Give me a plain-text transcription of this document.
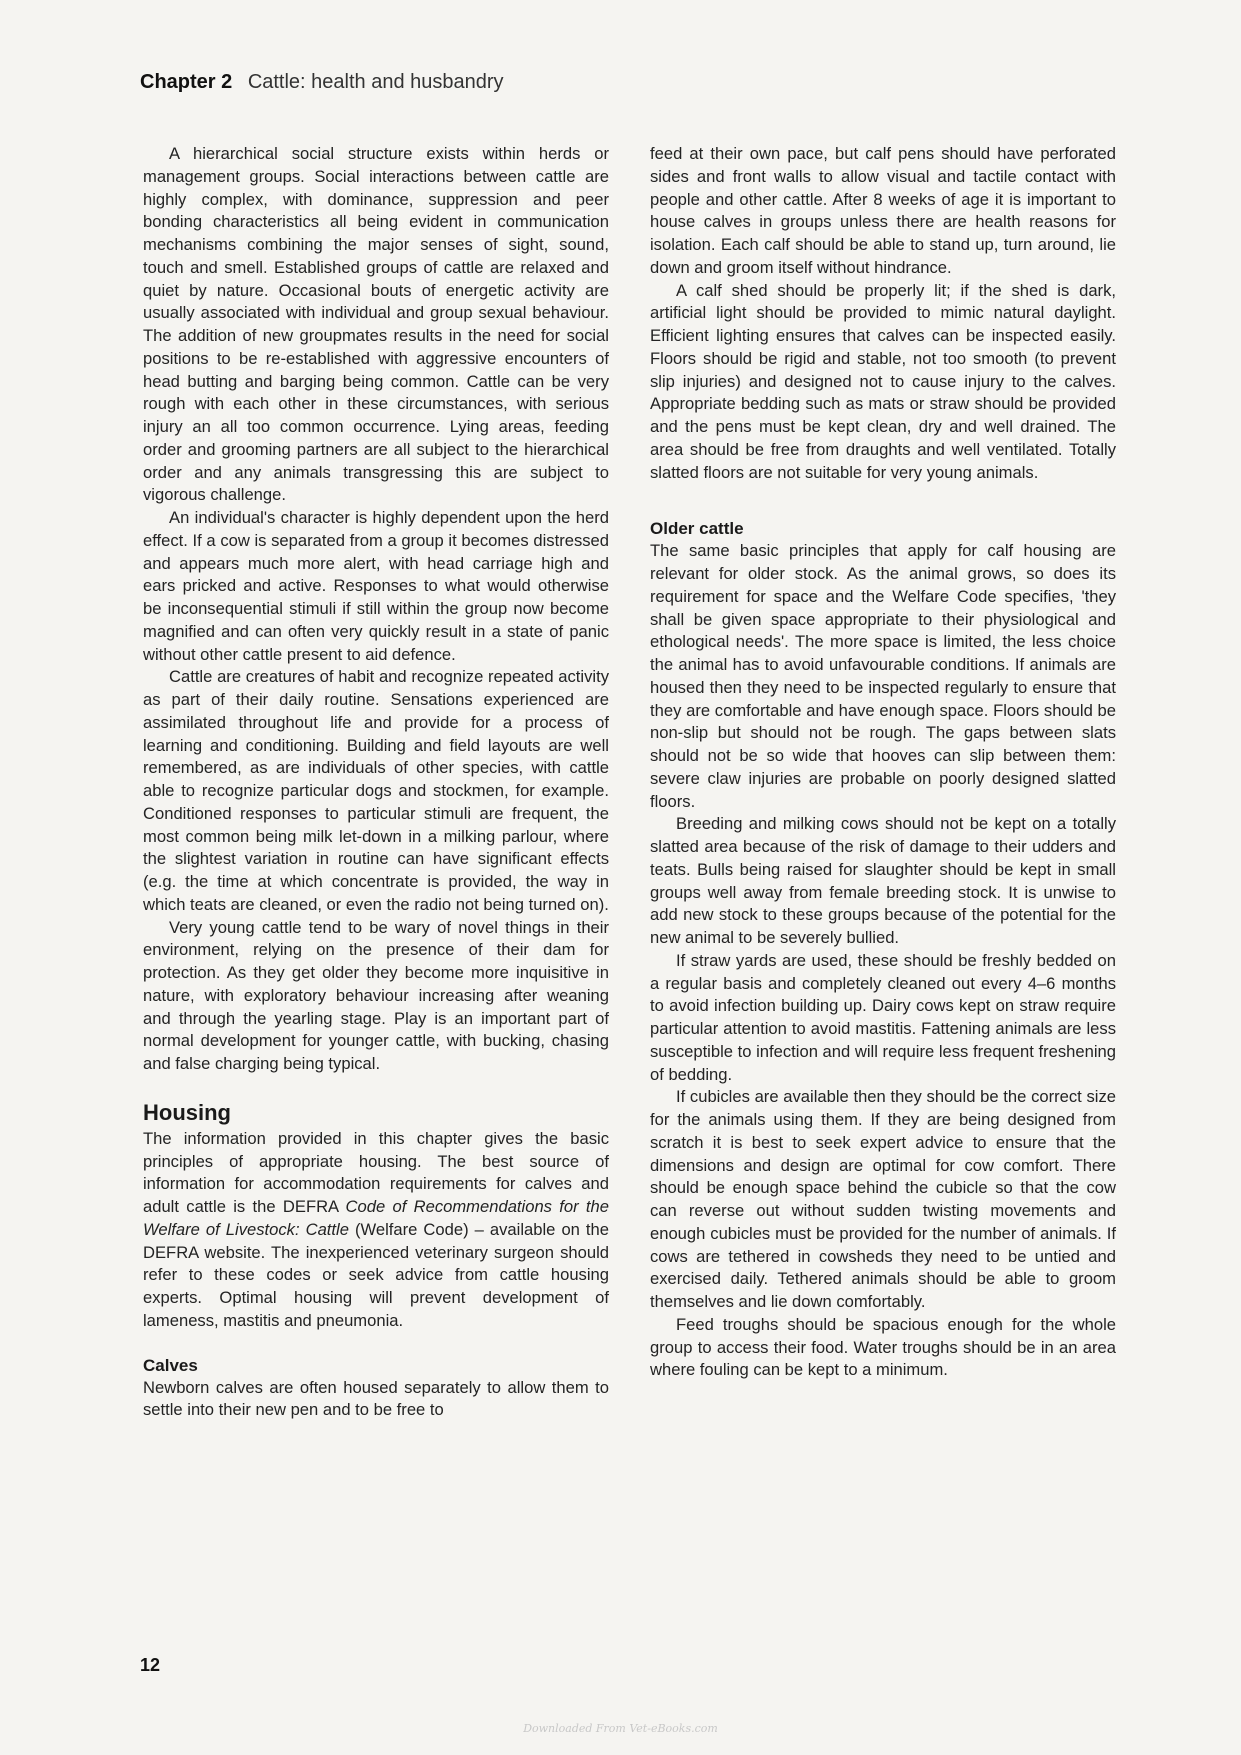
Chapter 2 Cattle: health and husbandry

A hierarchical social structure exists within herds or management groups. Social interactions between cattle are highly complex, with dominance, suppression and peer bonding characteristics all being evident in communication mechanisms combining the major senses of sight, sound, touch and smell. Established groups of cattle are relaxed and quiet by nature. Occasional bouts of energetic activity are usually associated with individual and group sexual behaviour. The addition of new groupmates results in the need for social positions to be re-established with aggressive encounters of head butting and barging being common. Cattle can be very rough with each other in these circumstances, with serious injury an all too common occurrence. Lying areas, feeding order and grooming partners are all subject to the hierarchical order and any animals transgressing this are subject to vigorous challenge.

An individual's character is highly dependent upon the herd effect. If a cow is separated from a group it becomes distressed and appears much more alert, with head carriage high and ears pricked and active. Responses to what would otherwise be inconsequential stimuli if still within the group now become magnified and can often very quickly result in a state of panic without other cattle present to aid defence.

Cattle are creatures of habit and recognize repeated activity as part of their daily routine. Sensations experienced are assimilated throughout life and provide for a process of learning and conditioning. Building and field layouts are well remembered, as are individuals of other species, with cattle able to recognize particular dogs and stockmen, for example. Conditioned responses to particular stimuli are frequent, the most common being milk let-down in a milking parlour, where the slightest variation in routine can have significant effects (e.g. the time at which concentrate is provided, the way in which teats are cleaned, or even the radio not being turned on).

Very young cattle tend to be wary of novel things in their environment, relying on the presence of their dam for protection. As they get older they become more inquisitive in nature, with exploratory behaviour increasing after weaning and through the yearling stage. Play is an important part of normal development for younger cattle, with bucking, chasing and false charging being typical.

Housing

The information provided in this chapter gives the basic principles of appropriate housing. The best source of information for accommodation requirements for calves and adult cattle is the DEFRA Code of Recommendations for the Welfare of Livestock: Cattle (Welfare Code) – available on the DEFRA website. The inexperienced veterinary surgeon should refer to these codes or seek advice from cattle housing experts. Optimal housing will prevent development of lameness, mastitis and pneumonia.

Calves

Newborn calves are often housed separately to allow them to settle into their new pen and to be free to

feed at their own pace, but calf pens should have perforated sides and front walls to allow visual and tactile contact with people and other cattle. After 8 weeks of age it is important to house calves in groups unless there are health reasons for isolation. Each calf should be able to stand up, turn around, lie down and groom itself without hindrance.

A calf shed should be properly lit; if the shed is dark, artificial light should be provided to mimic natural daylight. Efficient lighting ensures that calves can be inspected easily. Floors should be rigid and stable, not too smooth (to prevent slip injuries) and designed not to cause injury to the calves. Appropriate bedding such as mats or straw should be provided and the pens must be kept clean, dry and well drained. The area should be free from draughts and well ventilated. Totally slatted floors are not suitable for very young animals.

Older cattle

The same basic principles that apply for calf housing are relevant for older stock. As the animal grows, so does its requirement for space and the Welfare Code specifies, 'they shall be given space appropriate to their physiological and ethological needs'. The more space is limited, the less choice the animal has to avoid unfavourable conditions. If animals are housed then they need to be inspected regularly to ensure that they are comfortable and have enough space. Floors should be non-slip but should not be rough. The gaps between slats should not be so wide that hooves can slip between them: severe claw injuries are probable on poorly designed slatted floors.

Breeding and milking cows should not be kept on a totally slatted area because of the risk of damage to their udders and teats. Bulls being raised for slaughter should be kept in small groups well away from female breeding stock. It is unwise to add new stock to these groups because of the potential for the new animal to be severely bullied.

If straw yards are used, these should be freshly bedded on a regular basis and completely cleaned out every 4–6 months to avoid infection building up. Dairy cows kept on straw require particular attention to avoid mastitis. Fattening animals are less susceptible to infection and will require less frequent freshening of bedding.

If cubicles are available then they should be the correct size for the animals using them. If they are being designed from scratch it is best to seek expert advice to ensure that the dimensions and design are optimal for cow comfort. There should be enough space behind the cubicle so that the cow can reverse out without sudden twisting movements and enough cubicles must be provided for the number of animals. If cows are tethered in cowsheds they need to be untied and exercised daily. Tethered animals should be able to groom themselves and lie down comfortably.

Feed troughs should be spacious enough for the whole group to access their food. Water troughs should be in an area where fouling can be kept to a minimum.

12
Downloaded From Vet-eBooks.com
